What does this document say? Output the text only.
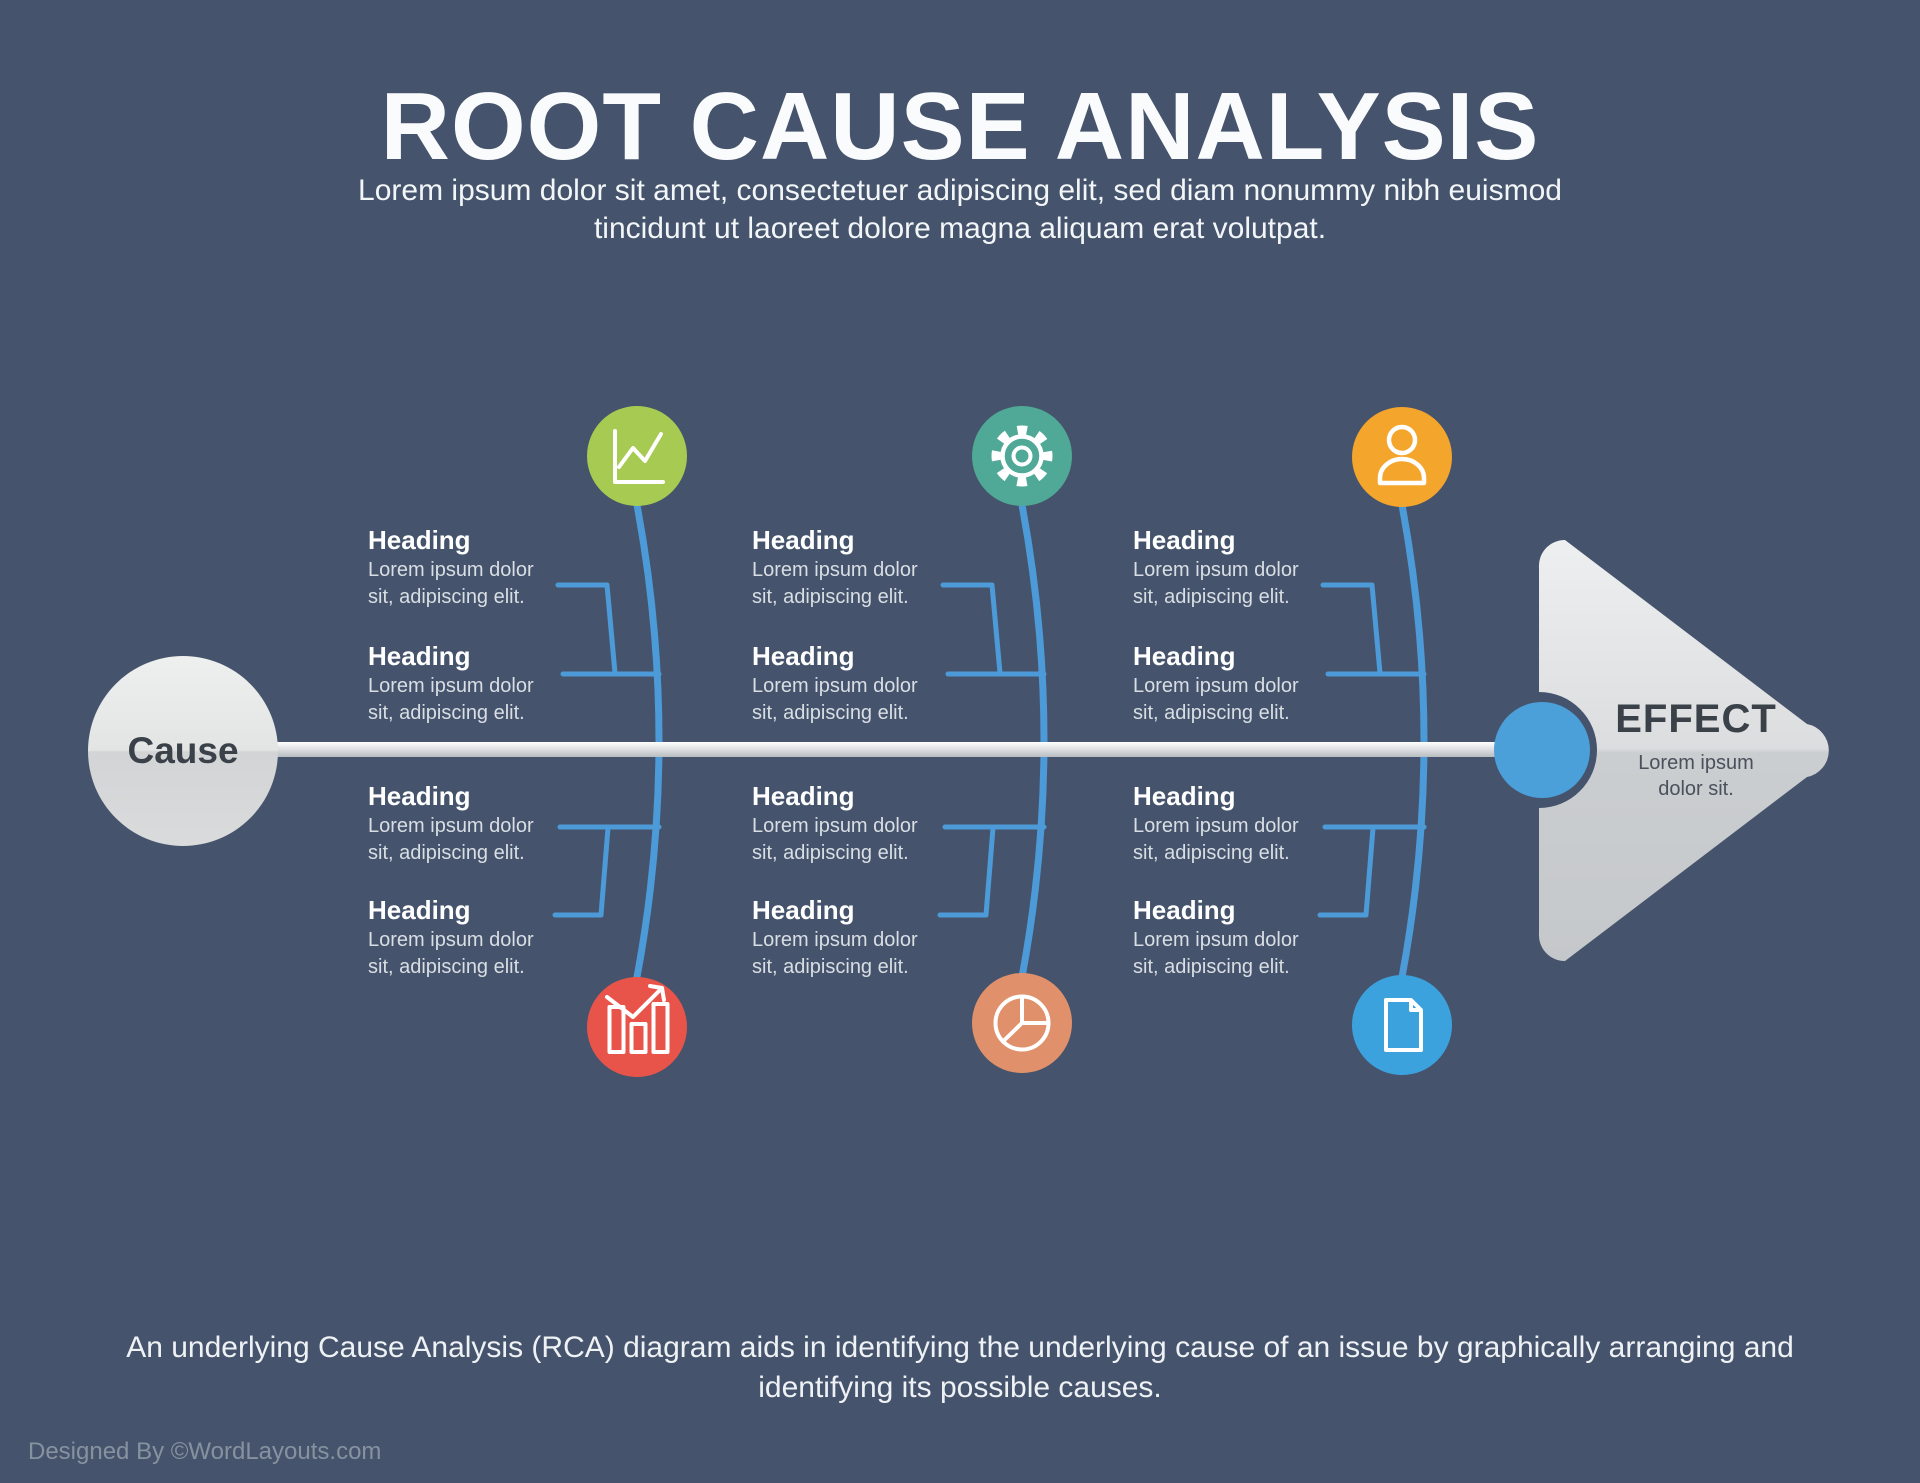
ROOT CAUSE ANALYSIS

Lorem ipsum dolor sit amet, consectetuer adipiscing elit, sed diam nonummy nibh euismod tincidunt ut laoreet dolore magna aliquam erat volutpat.

Cause
EFFECT
Lorem ipsum dolor sit.
Heading
Lorem ipsum dolor sit, adipiscing elit.
Heading
Lorem ipsum dolor sit, adipiscing elit.
Heading
Lorem ipsum dolor sit, adipiscing elit.
Heading
Lorem ipsum dolor sit, adipiscing elit.
Heading
Lorem ipsum dolor sit, adipiscing elit.
Heading
Lorem ipsum dolor sit, adipiscing elit.
Heading
Lorem ipsum dolor sit, adipiscing elit.
Heading
Lorem ipsum dolor sit, adipiscing elit.
Heading
Lorem ipsum dolor sit, adipiscing elit.
Heading
Lorem ipsum dolor sit, adipiscing elit.
Heading
Lorem ipsum dolor sit, adipiscing elit.
Heading
Lorem ipsum dolor sit, adipiscing elit.

An underlying Cause Analysis (RCA) diagram aids in identifying the underlying cause of an issue by graphically arranging and identifying its possible causes.

Designed By ©WordLayouts.com
